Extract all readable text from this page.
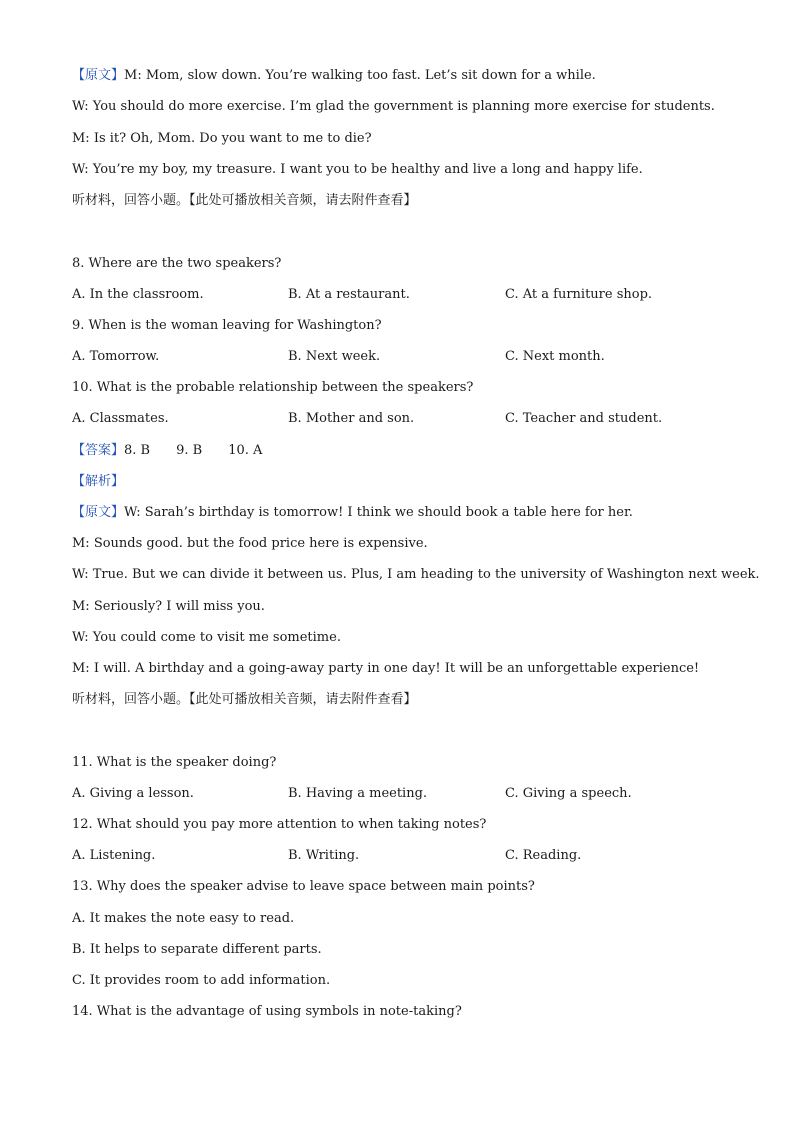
【原文】M: Mom, slow down. You’re walking too fast. Let’s sit down for a while.
W: You should do more exercise. I’m glad the government is planning more exercise for students.
M: Is it? Oh, Mom. Do you want to me to die?
W: You’re my boy, my treasure. I want you to be healthy and live a long and happy life.
听材料，回答小题。【此处可播放相关音频，请去附件查看】
8. Where are the two speakers?
A. In the classroom.	B. At a restaurant.	C. At a furniture shop.
9. When is the woman leaving for Washington?
A. Tomorrow.	B. Next week.	C. Next month.
10. What is the probable relationship between the speakers?
A. Classmates.	B. Mother and son.	C. Teacher and student.
【答案】8. B 9. B 10. A
【解析】
【原文】W: Sarah’s birthday is tomorrow! I think we should book a table here for her.
M: Sounds good. but the food price here is expensive.
W: True. But we can divide it between us. Plus, I am heading to the university of Washington next week.
M: Seriously? I will miss you.
W: You could come to visit me sometime.
M: I will. A birthday and a going-away party in one day! It will be an unforgettable experience!
听材料，回答小题。【此处可播放相关音频，请去附件查看】
11. What is the speaker doing?
A. Giving a lesson.	B. Having a meeting.	C. Giving a speech.
12. What should you pay more attention to when taking notes?
A. Listening.	B. Writing.	C. Reading.
13. Why does the speaker advise to leave space between main points?
A. It makes the note easy to read.
B. It helps to separate different parts.
C. It provides room to add information.
14. What is the advantage of using symbols in note-taking?
